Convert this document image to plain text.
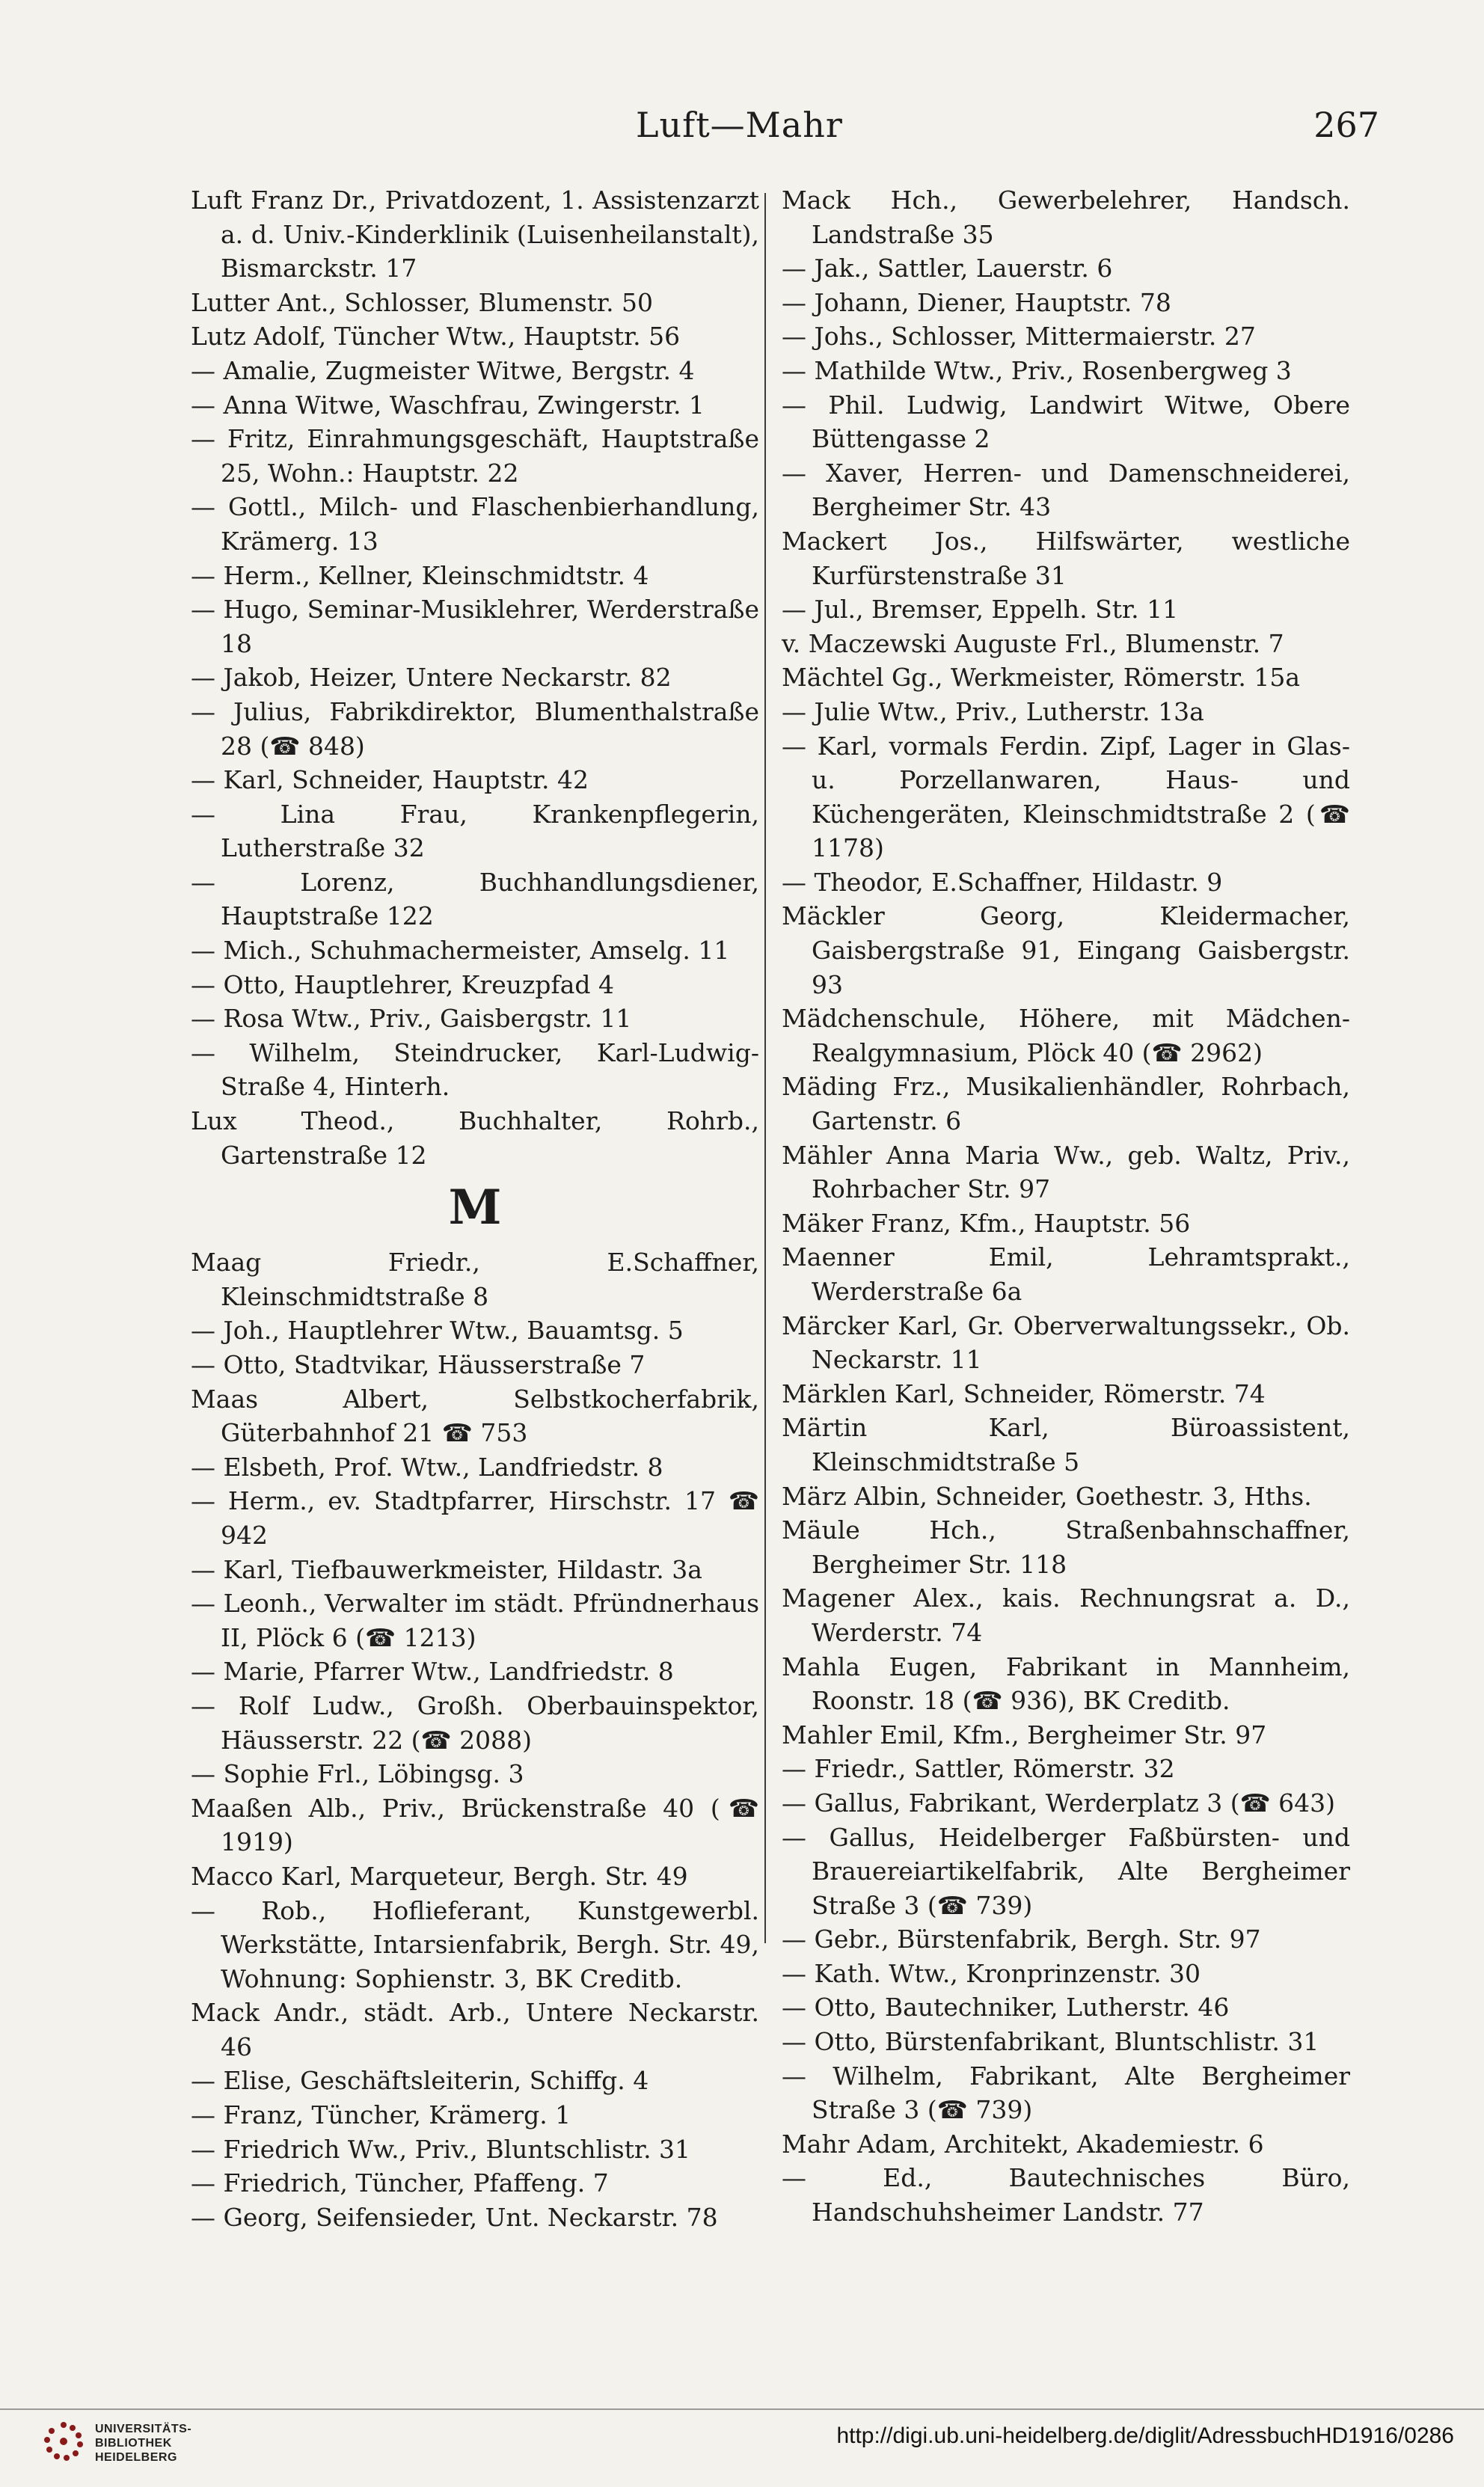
Luft—Mahr	267
Luft Franz Dr., Privatdozent, 1. Assistenzarzt a. d. Univ.-Kinderklinik (Luisenheilanstalt), Bismarckstr. 17
Lutter Ant., Schlosser, Blumenstr. 50
Lutz Adolf, Tüncher Wtw., Hauptstr. 56
— Amalie, Zugmeister Witwe, Bergstr. 4
— Anna Witwe, Waschfrau, Zwingerstr. 1
— Fritz, Einrahmungsgeschäft, Hauptstraße 25, Wohn.: Hauptstr. 22
— Gottl., Milch- und Flaschenbierhandlung, Krämerg. 13
— Herm., Kellner, Kleinschmidtstr. 4
— Hugo, Seminar-Musiklehrer, Werderstraße 18
— Jakob, Heizer, Untere Neckarstr. 82
— Julius, Fabrikdirektor, Blumenthalstraße 28 (☎ 848)
— Karl, Schneider, Hauptstr. 42
— Lina Frau, Krankenpflegerin, Lutherstraße 32
— Lorenz, Buchhandlungsdiener, Hauptstraße 122
— Mich., Schuhmachermeister, Amselg. 11
— Otto, Hauptlehrer, Kreuzpfad 4
— Rosa Wtw., Priv., Gaisbergstr. 11
— Wilhelm, Steindrucker, Karl-Ludwig-Straße 4, Hinterh.
Lux Theod., Buchhalter, Rohrb., Gartenstraße 12
M
Maag Friedr., E.Schaffner, Kleinschmidtstraße 8
— Joh., Hauptlehrer Wtw., Bauamtsg. 5
— Otto, Stadtvikar, Häusserstraße 7
Maas Albert, Selbstkocherfabrik, Güterbahnhof 21 ☎ 753
— Elsbeth, Prof. Wtw., Landfriedstr. 8
— Herm., ev. Stadtpfarrer, Hirschstr. 17 ☎ 942
— Karl, Tiefbauwerkmeister, Hildastr. 3a
— Leonh., Verwalter im städt. Pfründnerhaus II, Plöck 6 (☎ 1213)
— Marie, Pfarrer Wtw., Landfriedstr. 8
— Rolf Ludw., Großh. Oberbauinspektor, Häusserstr. 22 (☎ 2088)
— Sophie Frl., Löbingsg. 3
Maaßen Alb., Priv., Brückenstraße 40 (☎ 1919)
Macco Karl, Marqueteur, Bergh. Str. 49
— Rob., Hoflieferant, Kunstgewerbl. Werkstätte, Intarsienfabrik, Bergh. Str. 49, Wohnung: Sophienstr. 3, BK Creditb.
Mack Andr., städt. Arb., Untere Neckarstr. 46
— Elise, Geschäftsleiterin, Schiffg. 4
— Franz, Tüncher, Krämerg. 1
— Friedrich Ww., Priv., Bluntschlistr. 31
— Friedrich, Tüncher, Pfaffeng. 7
— Georg, Seifensieder, Unt. Neckarstr. 78
Mack Hch., Gewerbelehrer, Handsch. Landstraße 35
— Jak., Sattler, Lauerstr. 6
— Johann, Diener, Hauptstr. 78
— Johs., Schlosser, Mittermaierstr. 27
— Mathilde Wtw., Priv., Rosenbergweg 3
— Phil. Ludwig, Landwirt Witwe, Obere Büttengasse 2
— Xaver, Herren- und Damenschneiderei, Bergheimer Str. 43
Mackert Jos., Hilfswärter, westliche Kurfürstenstraße 31
— Jul., Bremser, Eppelh. Str. 11
v. Maczewski Auguste Frl., Blumenstr. 7
Mächtel Gg., Werkmeister, Römerstr. 15a
— Julie Wtw., Priv., Lutherstr. 13a
— Karl, vormals Ferdin. Zipf, Lager in Glas- u. Porzellanwaren, Haus- und Küchengeräten, Kleinschmidtstraße 2 (☎ 1178)
— Theodor, E.Schaffner, Hildastr. 9
Mäckler Georg, Kleidermacher, Gaisbergstraße 91, Eingang Gaisbergstr. 93
Mädchenschule, Höhere, mit Mädchen-Realgymnasium, Plöck 40 (☎ 2962)
Mäding Frz., Musikalienhändler, Rohrbach, Gartenstr. 6
Mähler Anna Maria Ww., geb. Waltz, Priv., Rohrbacher Str. 97
Mäker Franz, Kfm., Hauptstr. 56
Maenner Emil, Lehramtsprakt., Werderstraße 6a
Märcker Karl, Gr. Oberverwaltungssekr., Ob. Neckarstr. 11
Märklen Karl, Schneider, Römerstr. 74
Märtin Karl, Büroassistent, Kleinschmidtstraße 5
März Albin, Schneider, Goethestr. 3, Hths.
Mäule Hch., Straßenbahnschaffner, Bergheimer Str. 118
Magener Alex., kais. Rechnungsrat a. D., Werderstr. 74
Mahla Eugen, Fabrikant in Mannheim, Roonstr. 18 (☎ 936), BK Creditb.
Mahler Emil, Kfm., Bergheimer Str. 97
— Friedr., Sattler, Römerstr. 32
— Gallus, Fabrikant, Werderplatz 3 (☎ 643)
— Gallus, Heidelberger Faßbürsten- und Brauereiartikelfabrik, Alte Bergheimer Straße 3 (☎ 739)
— Gebr., Bürstenfabrik, Bergh. Str. 97
— Kath. Wtw., Kronprinzenstr. 30
— Otto, Bautechniker, Lutherstr. 46
— Otto, Bürstenfabrikant, Bluntschlistr. 31
— Wilhelm, Fabrikant, Alte Bergheimer Straße 3 (☎ 739)
Mahr Adam, Architekt, Akademiestr. 6
— Ed., Bautechnisches Büro, Handschuhsheimer Landstr. 77
UNIVERSITÄTS-
BIBLIOTHEK
HEIDELBERG
http://digi.ub.uni-heidelberg.de/diglit/AdressbuchHD1916/0286
